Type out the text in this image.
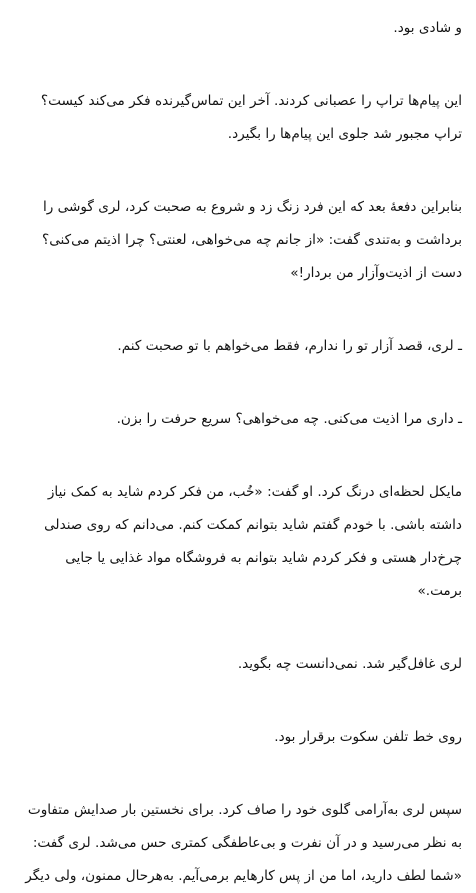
و شادی بود.

این پیام‌ها تراپ را عصبانی کردند. آخر این تماس‌گیرنده فکر می‌کند کیست؟
تراپ مجبور شد جلوی این پیام‌ها را بگیرد.

بنابراین دفعهٔ بعد که این فرد زنگ زد و شروع به صحبت کرد، لری گوشی را
برداشت و به‌تندی گفت: «از جانم چه می‌خواهی، لعنتی؟ چرا اذیتم می‌کنی؟
دست از اذیت‌وآزار من بردار!»

ـ لری، قصد آزار تو را ندارم، فقط می‌خواهم با تو صحبت کنم.

ـ داری مرا اذیت می‌کنی. چه می‌خواهی؟ سریع حرفت را بزن.

مایکل لحظه‌ای درنگ کرد. او گفت: «خُب، من فکر کردم شاید به کمک نیاز
داشته باشی. با خودم گفتم شاید بتوانم کمکت کنم. می‌دانم که روی صندلی
چرخ‌دار هستی و فکر کردم شاید بتوانم به فروشگاه مواد غذایی یا جایی
برمت.»

لری غافل‌گیر شد. نمی‌دانست چه بگوید.

روی خط تلفن سکوت برقرار بود.

سپس لری به‌آرامی گلوی خود را صاف کرد. برای نخستین بار صدایش متفاوت
به نظر می‌رسید و در آن نفرت و بی‌عاطفگی کمتری حس می‌شد. لری گفت:
«شما لطف دارید، اما من از پس کارهایم برمی‌آیم. به‌هرحال ممنون، ولی دیگر
